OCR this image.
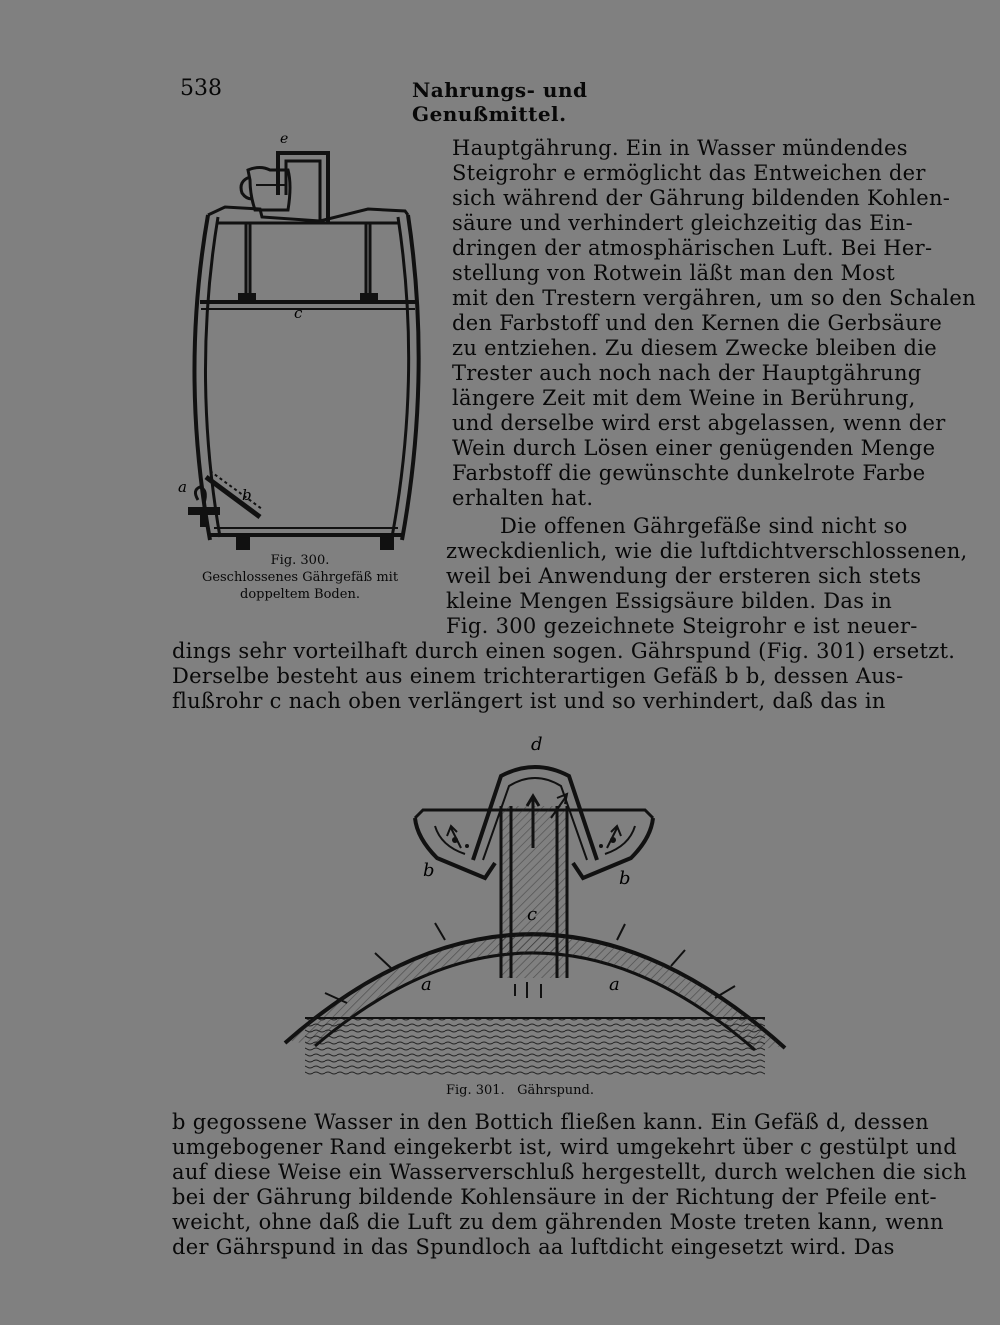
538	Nahrungs- und Genußmittel.
e
c
a	b
Fig. 300.
Geschlossenes Gährgefäß mit
doppeltem Boden.
Hauptgährung. Ein in Wasser mündendes
Steigrohr e ermöglicht das Entweichen der
sich während der Gährung bildenden Kohlen-
säure und verhindert gleichzeitig das Ein-
dringen der atmosphärischen Luft. Bei Her-
stellung von Rotwein läßt man den Most
mit den Trestern vergähren, um so den Schalen
den Farbstoff und den Kernen die Gerbsäure
zu entziehen. Zu diesem Zwecke bleiben die
Trester auch noch nach der Hauptgährung
längere Zeit mit dem Weine in Berührung,
und derselbe wird erst abgelassen, wenn der
Wein durch Lösen einer genügenden Menge
Farbstoff die gewünschte dunkelrote Farbe
erhalten hat.
Die offenen Gährgefäße sind nicht so
zweckdienlich, wie die luftdichtverschlossenen,
weil bei Anwendung der ersteren sich stets
kleine Mengen Essigsäure bilden. Das in
Fig. 300 gezeichnete Steigrohr e ist neuer-
dings sehr vorteilhaft durch einen sogen. Gährspund (Fig. 301) ersetzt.
Derselbe besteht aus einem trichterartigen Gefäß b b, dessen Aus-
flußrohr c nach oben verlängert ist und so verhindert, daß das in
d
b	b
c
a	a
Fig. 301.   Gährspund.
b gegossene Wasser in den Bottich fließen kann. Ein Gefäß d, dessen
umgebogener Rand eingekerbt ist, wird umgekehrt über c gestülpt und
auf diese Weise ein Wasserverschluß hergestellt, durch welchen die sich
bei der Gährung bildende Kohlensäure in der Richtung der Pfeile ent-
weicht, ohne daß die Luft zu dem gährenden Moste treten kann, wenn
der Gährspund in das Spundloch aa luftdicht eingesetzt wird. Das
